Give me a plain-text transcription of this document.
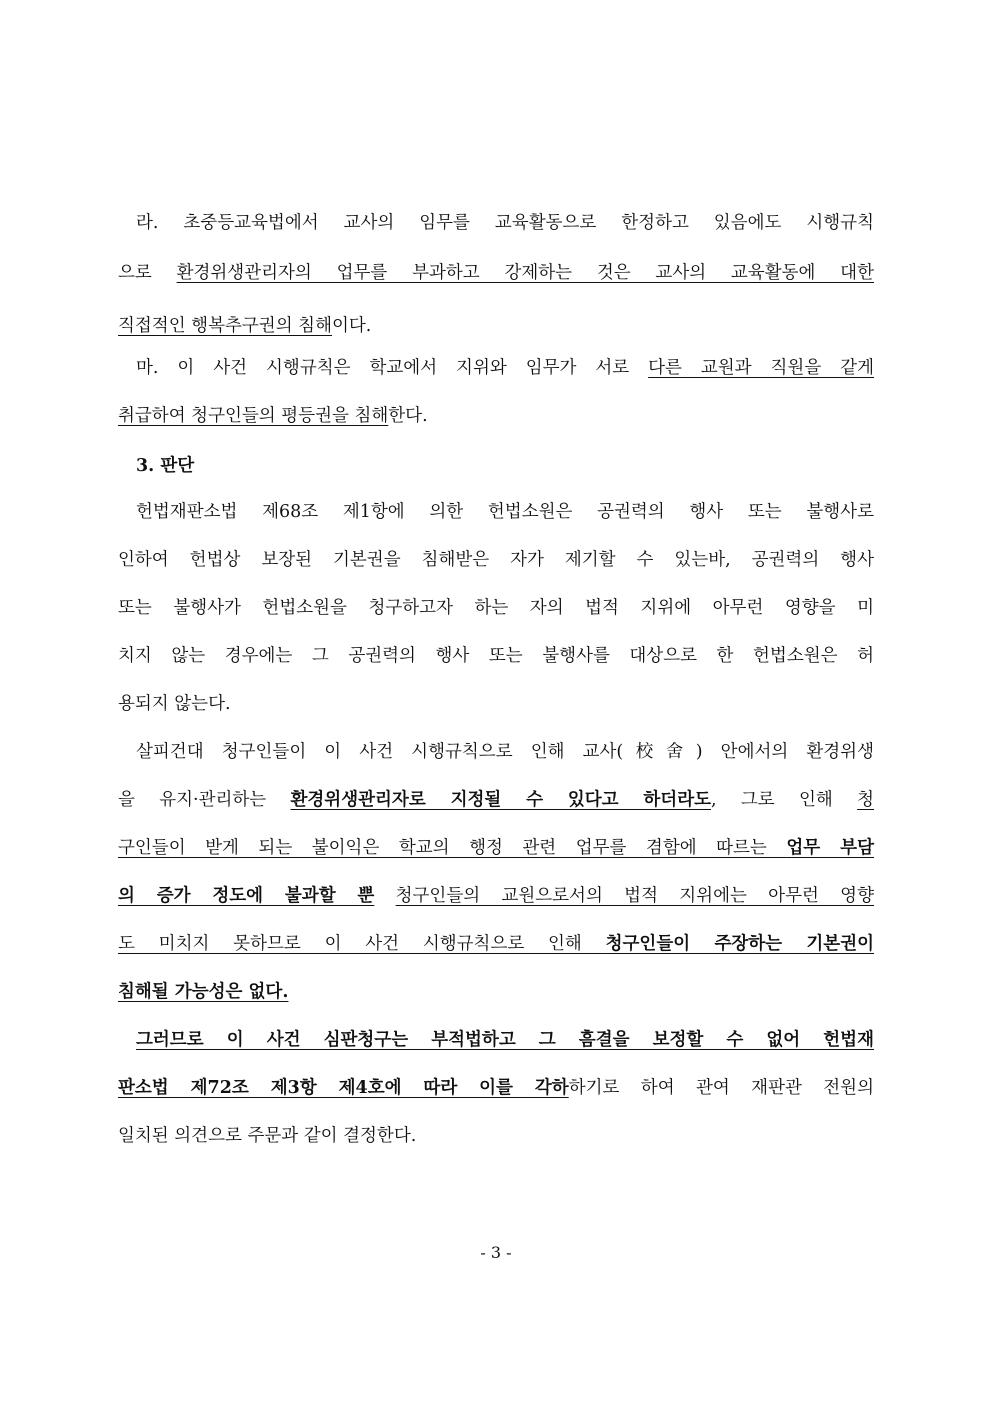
라. 초중등교육법에서 교사의 임무를 교육활동으로 한정하고 있음에도 시행규칙
으로 환경위생관리자의 업무를 부과하고 강제하는 것은 교사의 교육활동에 대한
직접적인 행복추구권의 침해이다.
마. 이 사건 시행규칙은 학교에서 지위와 임무가 서로 다른 교원과 직원을 같게
취급하여 청구인들의 평등권을 침해한다.
3. 판단
헌법재판소법 제68조 제1항에 의한 헌법소원은 공권력의 행사 또는 불행사로
인하여 헌법상 보장된 기본권을 침해받은 자가 제기할 수 있는바, 공권력의 행사
또는 불행사가 헌법소원을 청구하고자 하는 자의 법적 지위에 아무런 영향을 미
치지 않는 경우에는 그 공권력의 행사 또는 불행사를 대상으로 한 헌법소원은 허
용되지 않는다.
살피건대 청구인들이 이 사건 시행규칙으로 인해 교사(校舍) 안에서의 환경위생
을 유지·관리하는 환경위생관리자로 지정될 수 있다고 하더라도, 그로 인해 청
구인들이 받게 되는 불이익은 학교의 행정 관련 업무를 겸함에 따르는 업무 부담
의 증가 정도에 불과할 뿐 청구인들의 교원으로서의 법적 지위에는 아무런 영향
도 미치지 못하므로 이 사건 시행규칙으로 인해 청구인들이 주장하는 기본권이
침해될 가능성은 없다.
그러므로 이 사건 심판청구는 부적법하고 그 흠결을 보정할 수 없어 헌법재
판소법 제72조 제3항 제4호에 따라 이를 각하하기로 하여 관여 재판관 전원의
일치된 의견으로 주문과 같이 결정한다.
- 3 -
